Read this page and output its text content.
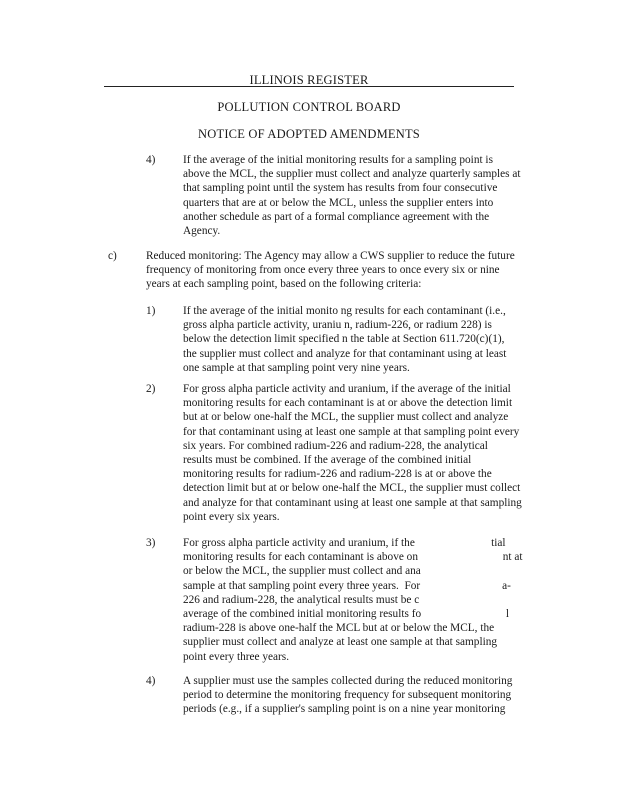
ILLINOIS REGISTER
POLLUTION CONTROL BOARD
NOTICE OF ADOPTED AMENDMENTS
4) If the average of the initial monitoring results for a sampling point is
above the MCL, the supplier must collect and analyze quarterly samples at
that sampling point until the system has results from four consecutive
quarters that are at or below the MCL, unless the supplier enters into
another schedule as part of a formal compliance agreement with the
Agency.
c)	Reduced monitoring: The Agency may allow a CWS supplier to reduce the future
frequency of monitoring from once every three years to once every six or nine
years at each sampling point, based on the following criteria:
1) If the average of the initial monito ng results for each contaminant (i.e.,
gross alpha particle activity, uraniu n, radium-226, or radium 228) is
below the detection limit specified n the table at Section 611.720(c)(1),
the supplier must collect and analyze for that contaminant using at least
one sample at that sampling point very nine years.
2) For gross alpha particle activity and uranium, if the average of the initial
monitoring results for each contaminant is at or above the detection limit
but at or below one-half the MCL, the supplier must collect and analyze
for that contaminant using at least one sample at that sampling point every
six years. For combined radium-226 and radium-228, the analytical
results must be combined. If the average of the combined initial
monitoring results for radium-226 and radium-228 is at or above the
detection limit but at or below one-half the MCL, the supplier must collect
and analyze for that contaminant using at least one sample at that sampling
point every six years.
3) For gross alpha particle activity and uranium, if the                           tial
monitoring results for each contaminant is above on                              nt at
or below the MCL, the supplier must collect and ana
sample at that sampling point every three years.  For                             a-
226 and radium-228, the analytical results must be c
average of the combined initial monitoring results fo                              l
radium-228 is above one-half the MCL but at or below the MCL, the
supplier must collect and analyze at least one sample at that sampling
point every three years.
4) A supplier must use the samples collected during the reduced monitoring
period to determine the monitoring frequency for subsequent monitoring
periods (e.g., if a supplier's sampling point is on a nine year monitoring
